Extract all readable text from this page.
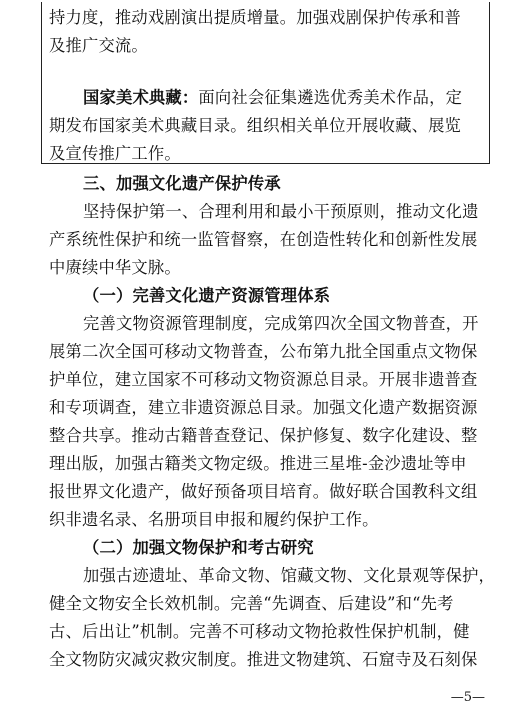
持力度，推动戏剧演出提质增量。加强戏剧保护传承和普
及推广交流。
国家美术典藏：面向社会征集遴选优秀美术作品，定
期发布国家美术典藏目录。组织相关单位开展收藏、展览
及宣传推广工作。
三、加强文化遗产保护传承
坚持保护第一、合理利用和最小干预原则，推动文化遗
产系统性保护和统一监管督察，在创造性转化和创新性发展
中赓续中华文脉。
（一）完善文化遗产资源管理体系
完善文物资源管理制度，完成第四次全国文物普查，开
展第二次全国可移动文物普查，公布第九批全国重点文物保
护单位，建立国家不可移动文物资源总目录。开展非遗普查
和专项调查，建立非遗资源总目录。加强文化遗产数据资源
整合共享。推动古籍普查登记、保护修复、数字化建设、整
理出版，加强古籍类文物定级。推进三星堆-金沙遗址等申
报世界文化遗产，做好预备项目培育。做好联合国教科文组
织非遗名录、名册项目申报和履约保护工作。
（二）加强文物保护和考古研究
加强古迹遗址、革命文物、馆藏文物、文化景观等保护，
健全文物安全长效机制。完善“先调查、后建设”和“先考
古、后出让”机制。完善不可移动文物抢救性保护机制，健
全文物防灾减灾救灾制度。推进文物建筑、石窟寺及石刻保
—5—
